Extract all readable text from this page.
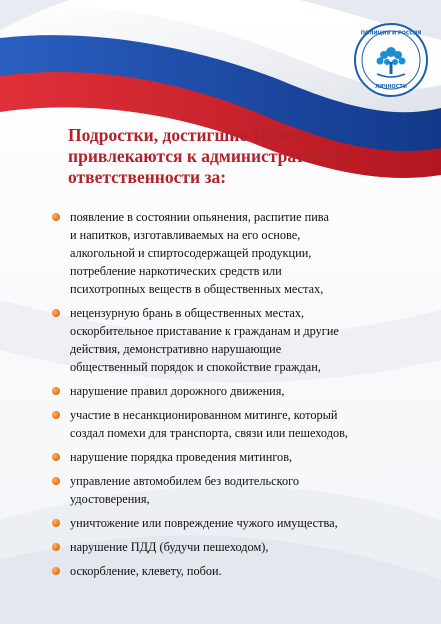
ПОЛИЦИЯ И РОССИЯ
ЛИЧНОСТИ
Подростки, достигшие 16 лет,
привлекаются к административной
ответственности за:
появление в состоянии опьянения, распитие пива
и напитков, изготавливаемых на его основе,
алкогольной и спиртосодержащей продукции,
потребление наркотических средств или
психотропных веществ в общественных местах,
нецензурную брань в общественных местах,
оскорбительное приставание к гражданам и другие
действия, демонстративно нарушающие
общественный порядок и спокойствие граждан,
нарушение правил дорожного движения,
участие в несанкционированном митинге, который
создал помехи для транспорта, связи или пешеходов,
нарушение порядка проведения митингов,
управление автомобилем без водительского
удостоверения,
уничтожение или повреждение чужого имущества,
нарушение ПДД (будучи пешеходом),
оскорбление, клевету, побои.
